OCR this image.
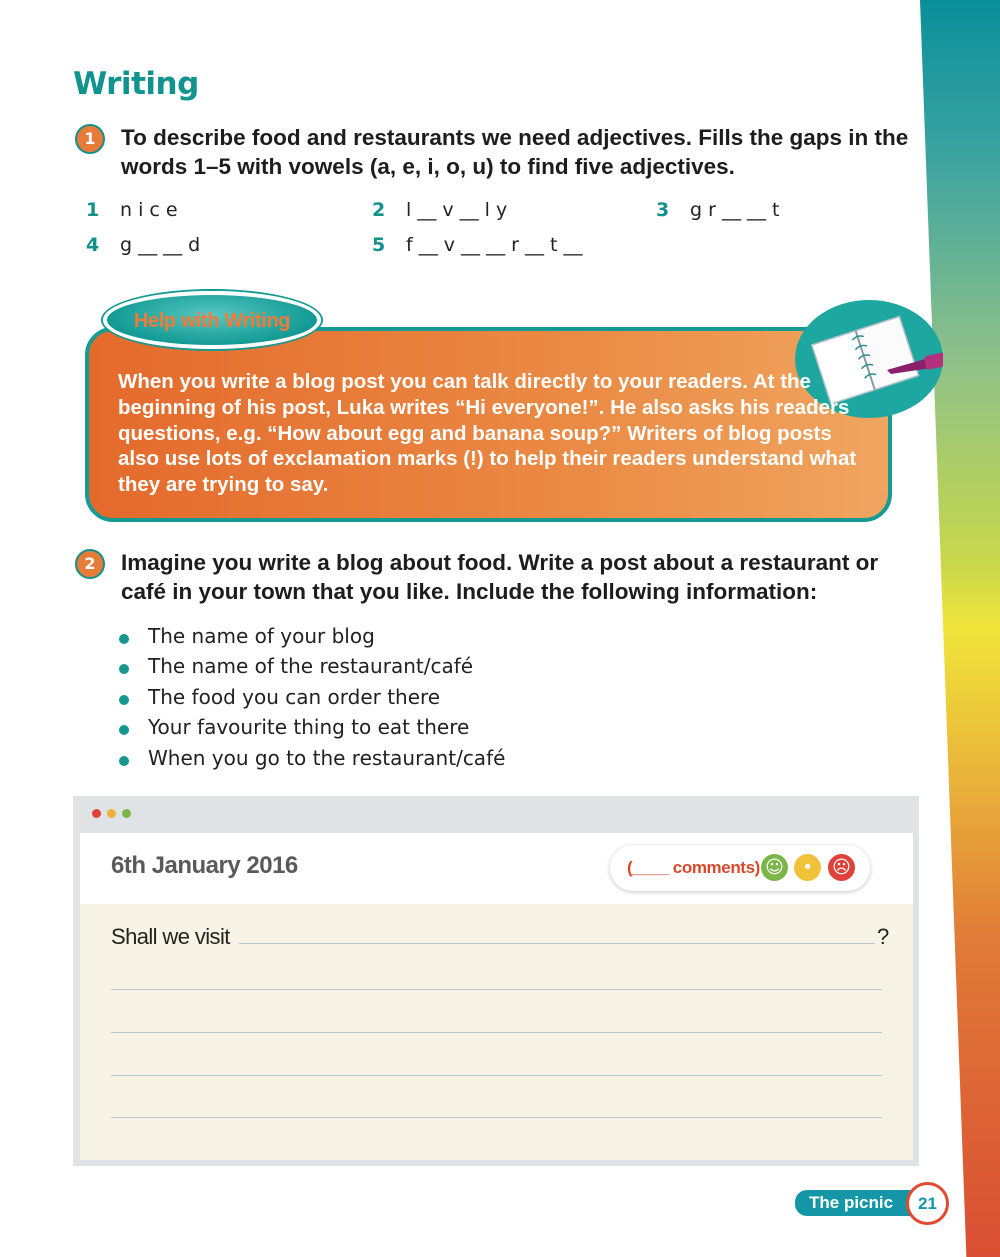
Writing
1	To describe food and restaurants we need adjectives. Fills the gaps in the words 1–5 with vowels (a, e, i, o, u) to find five adjectives.

1 n i c e	2 l __ v __ l y	3 g r __ __ t
4 g __ __ d	5 f __ v __ __ r __ t __
Help with Writing

When you write a blog post you can talk directly to your readers. At the beginning of his post, Luka writes “Hi everyone!”. He also asks his readers questions, e.g. “How about egg and banana soup?” Writers of blog posts also use lots of exclamation marks (!) to help their readers understand what they are trying to say.

2	Imagine you write a blog about food. Write a post about a restaurant or café in your town that you like. Include the following information:

The name of your blog
The name of the restaurant/café
The food you can order there
Your favourite thing to eat there
When you go to the restaurant/café
6th January 2016	(____ comments) ☺	•	☹
Shall we visit	?
The picnic	21
